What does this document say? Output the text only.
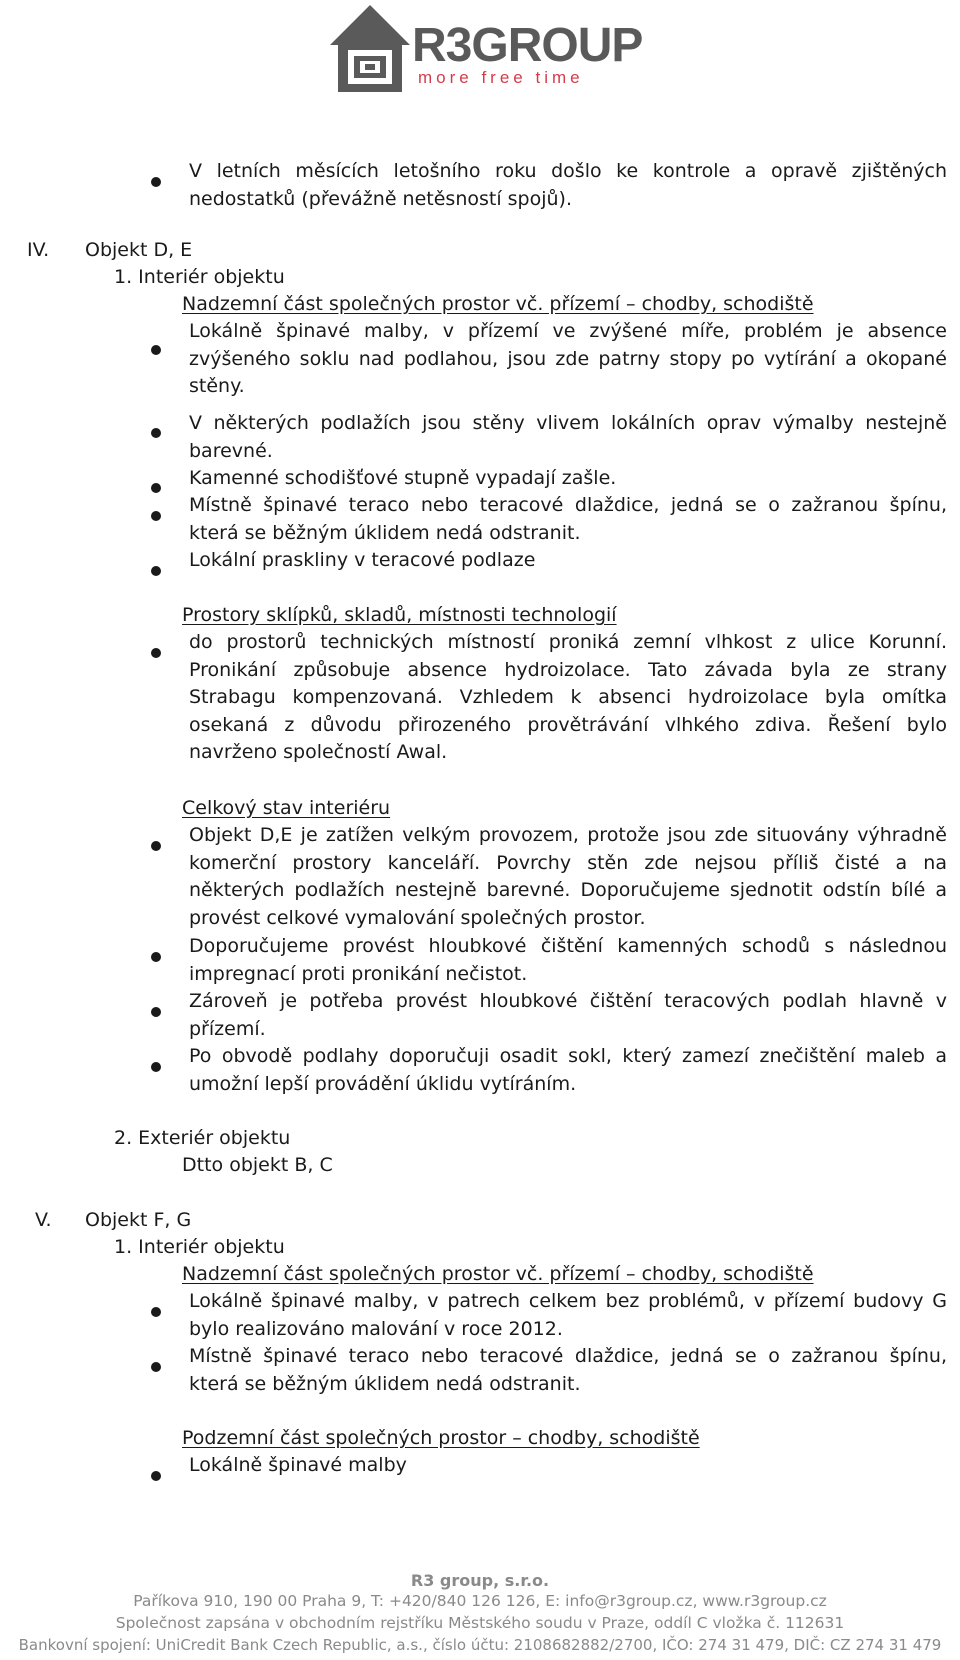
R3GROUP
more free time
V letních měsících letošního roku došlo ke kontrole a opravě zjištěných nedostatků (převážně netěsností spojů).
IV. Objekt D, E
1. Interiér objektu
Nadzemní část společných prostor vč. přízemí – chodby, schodiště
Lokálně špinavé malby, v přízemí ve zvýšené míře, problém je absence zvýšeného soklu nad podlahou, jsou zde patrny stopy po vytírání a okopané stěny.
V některých podlažích jsou stěny vlivem lokálních oprav výmalby nestejně barevné.
Kamenné schodišťové stupně vypadají zašle.
Místně špinavé teraco nebo teracové dlaždice, jedná se o zažranou špínu, která se běžným úklidem nedá odstranit.
Lokální praskliny v teracové podlaze
Prostory sklípků, skladů, místnosti technologií
do prostorů technických místností proniká zemní vlhkost z ulice Korunní. Pronikání způsobuje absence hydroizolace. Tato závada byla ze strany Strabagu kompenzovaná. Vzhledem k absenci hydroizolace byla omítka osekaná z důvodu přirozeného provětrávání vlhkého zdiva. Řešení bylo navrženo společností Awal.
Celkový stav interiéru
Objekt D,E je zatížen velkým provozem, protože jsou zde situovány výhradně komerční prostory kanceláří. Povrchy stěn zde nejsou příliš čisté a na některých podlažích nestejně barevné. Doporučujeme sjednotit odstín bílé a provést celkové vymalování společných prostor.
Doporučujeme provést hloubkové čištění kamenných schodů s následnou impregnací proti pronikání nečistot.
Zároveň je potřeba provést hloubkové čištění teracových podlah hlavně v přízemí.
Po obvodě podlahy doporučuji osadit sokl, který zamezí znečištění maleb a umožní lepší provádění úklidu vytíráním.
2. Exteriér objektu
Dtto objekt B, C
V. Objekt F, G
1. Interiér objektu
Nadzemní část společných prostor vč. přízemí – chodby, schodiště
Lokálně špinavé malby, v patrech celkem bez problémů, v přízemí budovy G bylo realizováno malování v roce 2012.
Místně špinavé teraco nebo teracové dlaždice, jedná se o zažranou špínu, která se běžným úklidem nedá odstranit.
Podzemní část společných prostor – chodby, schodiště
Lokálně špinavé malby
R3 group, s.r.o.
Paříkova 910, 190 00 Praha 9, T: +420/840 126 126, E: info@r3group.cz, www.r3group.cz
Společnost zapsána v obchodním rejstříku Městského soudu v Praze, oddíl C vložka č. 112631
Bankovní spojení: UniCredit Bank Czech Republic, a.s., číslo účtu: 2108682882/2700, IČO: 274 31 479, DIČ: CZ 274 31 479
